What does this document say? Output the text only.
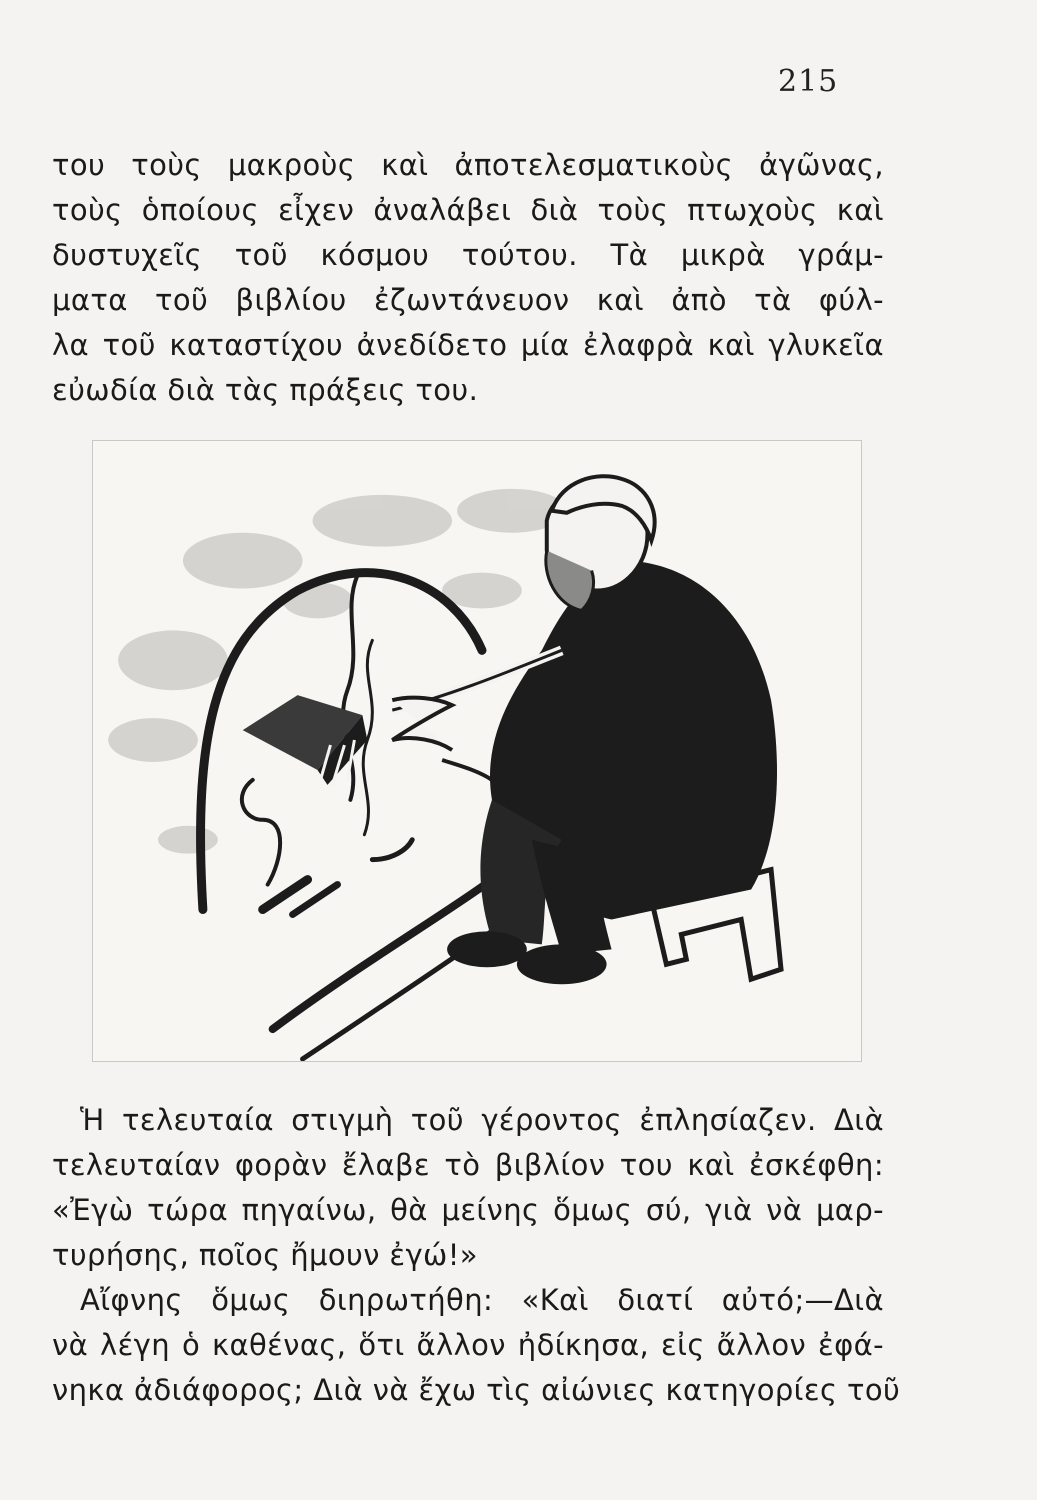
215
του τοὺς μακροὺς καὶ ἀποτελεσματικοὺς ἀγῶνας,
τοὺς ὁποίους εἶχεν ἀναλάβει διὰ τοὺς πτωχοὺς καὶ
δυστυχεῖς τοῦ κόσμου τούτου. Τὰ μικρὰ γράμ-
ματα τοῦ βιβλίου ἐζωντάνευον καὶ ἀπὸ τὰ φύλ-
λα τοῦ καταστίχου ἀνεδίδετο μία ἐλαφρὰ καὶ γλυκεῖα
εὐωδία διὰ τὰς πράξεις του.
Ἡ τελευταία στιγμὴ τοῦ γέροντος ἐπλησίαζεν. Διὰ
τελευταίαν φορὰν ἔλαβε τὸ βιβλίον του καὶ ἐσκέφθη:
«Ἐγὼ τώρα πηγαίνω, θὰ μείνης ὅμως σύ, γιὰ νὰ μαρ-
τυρήσης, ποῖος ἤμουν ἐγώ!»
Αἴφνης ὅμως διηρωτήθη: «Καὶ διατί αὐτό;—Διὰ
νὰ λέγη ὁ καθένας, ὅτι ἄλλον ἠδίκησα, εἰς ἄλλον ἐφά-
νηκα ἀδιάφορος; Διὰ νὰ ἔχω τὶς αἰώνιες κατηγορίες τοῦ
